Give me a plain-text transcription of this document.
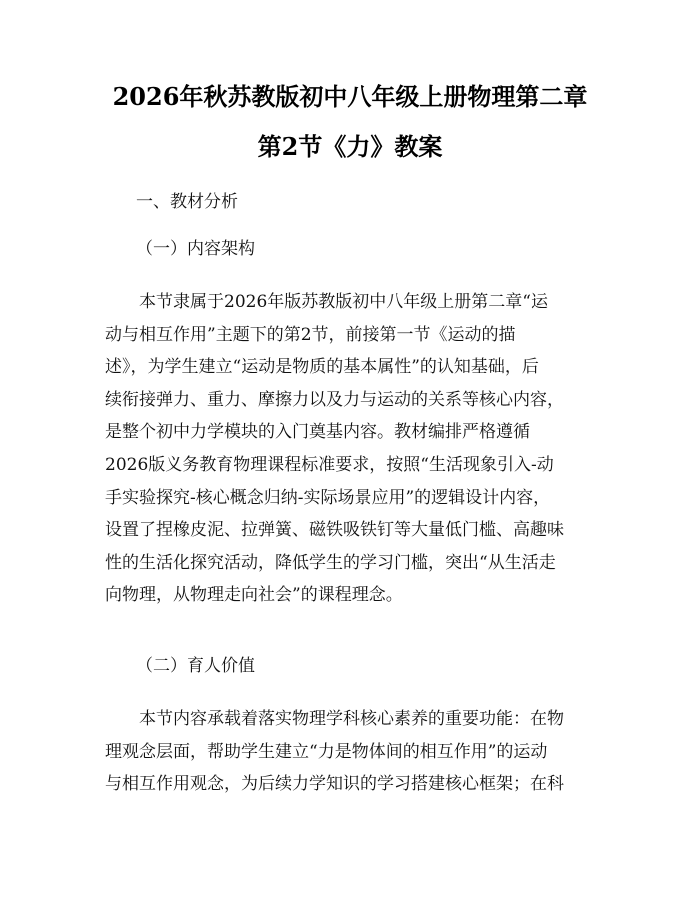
2026年秋苏教版初中八年级上册物理第二章
第2节《力》教案
一、教材分析
（一）内容架构
本节隶属于2026年版苏教版初中八年级上册第二章“运
动与相互作用”主题下的第2节，前接第一节《运动的描
述》，为学生建立“运动是物质的基本属性”的认知基础，后
续衔接弹力、重力、摩擦力以及力与运动的关系等核心内容，
是整个初中力学模块的入门奠基内容。教材编排严格遵循
2026版义务教育物理课程标准要求，按照“生活现象引入-动
手实验探究-核心概念归纳-实际场景应用”的逻辑设计内容，
设置了捏橡皮泥、拉弹簧、磁铁吸铁钉等大量低门槛、高趣味
性的生活化探究活动，降低学生的学习门槛，突出“从生活走
向物理，从物理走向社会”的课程理念。
（二）育人价值
本节内容承载着落实物理学科核心素养的重要功能：在物
理观念层面，帮助学生建立“力是物体间的相互作用”的运动
与相互作用观念，为后续力学知识的学习搭建核心框架；在科
